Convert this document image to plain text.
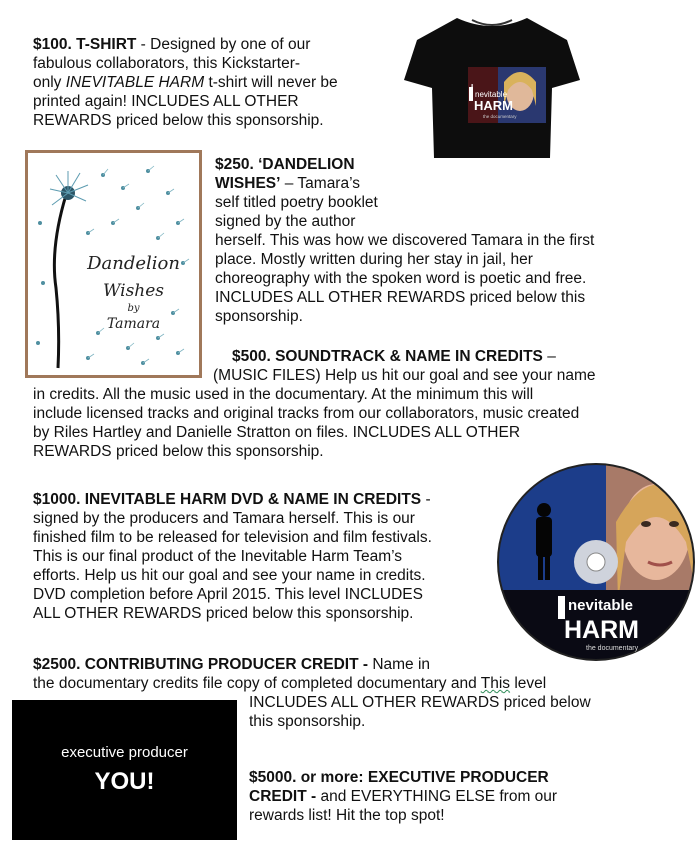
$100. T-SHIRT - Designed by one of our
fabulous collaborators, this Kickstarter-
only INEVITABLE HARM t-shirt will never be
printed again! INCLUDES ALL OTHER
REWARDS priced below this sponsorship.
I
nevitable
HARM
the documentary
Dandelion
Wishes
by
Tamara
$250. ‘DANDELION
WISHES’ – Tamara’s
self titled poetry booklet
signed by the author
herself. This was how we discovered Tamara in the first
place. Mostly written during her stay in jail, her
choreography with the spoken word is poetic and free.
INCLUDES ALL OTHER REWARDS priced below this
sponsorship.
$500. SOUNDTRACK & NAME IN CREDITS –
(MUSIC FILES) Help us hit our goal and see your name
in credits. All the music used in the documentary. At the minimum this will
include licensed tracks and original tracks from our collaborators, music created
by Riles Hartley and Danielle Stratton on files. INCLUDES ALL OTHER
REWARDS priced below this sponsorship.
$1000. INEVITABLE HARM DVD & NAME IN CREDITS -
signed by the producers and Tamara herself. This is our
finished film to be released for television and film festivals.
This is our final product of the Inevitable Harm Team’s
efforts. Help us hit our goal and see your name in credits.
DVD completion before April 2015. This level INCLUDES
ALL OTHER REWARDS priced below this sponsorship.	nevitable
HARM
the documentary
$2500. CONTRIBUTING PRODUCER CREDIT - Name in
the documentary credits file copy of completed documentary and This level
INCLUDES ALL OTHER REWARDS priced below
this sponsorship.
executive producer
YOU!	$5000. or more: EXECUTIVE PRODUCER
CREDIT - and EVERYTHING ELSE from our
rewards list! Hit the top spot!
